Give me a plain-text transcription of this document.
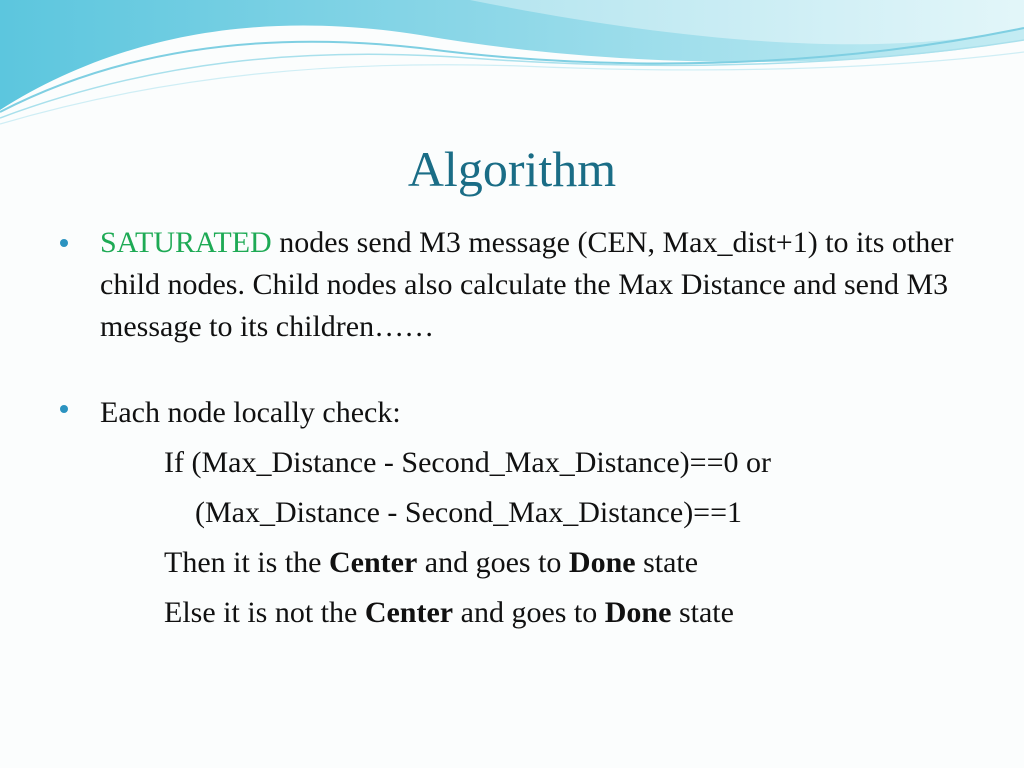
Algorithm
SATURATED nodes send M3 message (CEN, Max_dist+1) to its other child nodes. Child nodes also calculate the Max Distance and send M3 message to its children……
Each node locally check:
If (Max_Distance - Second_Max_Distance)==0 or
(Max_Distance - Second_Max_Distance)==1
Then it is the Center and goes to Done state
Else it is not the Center and goes to Done state
